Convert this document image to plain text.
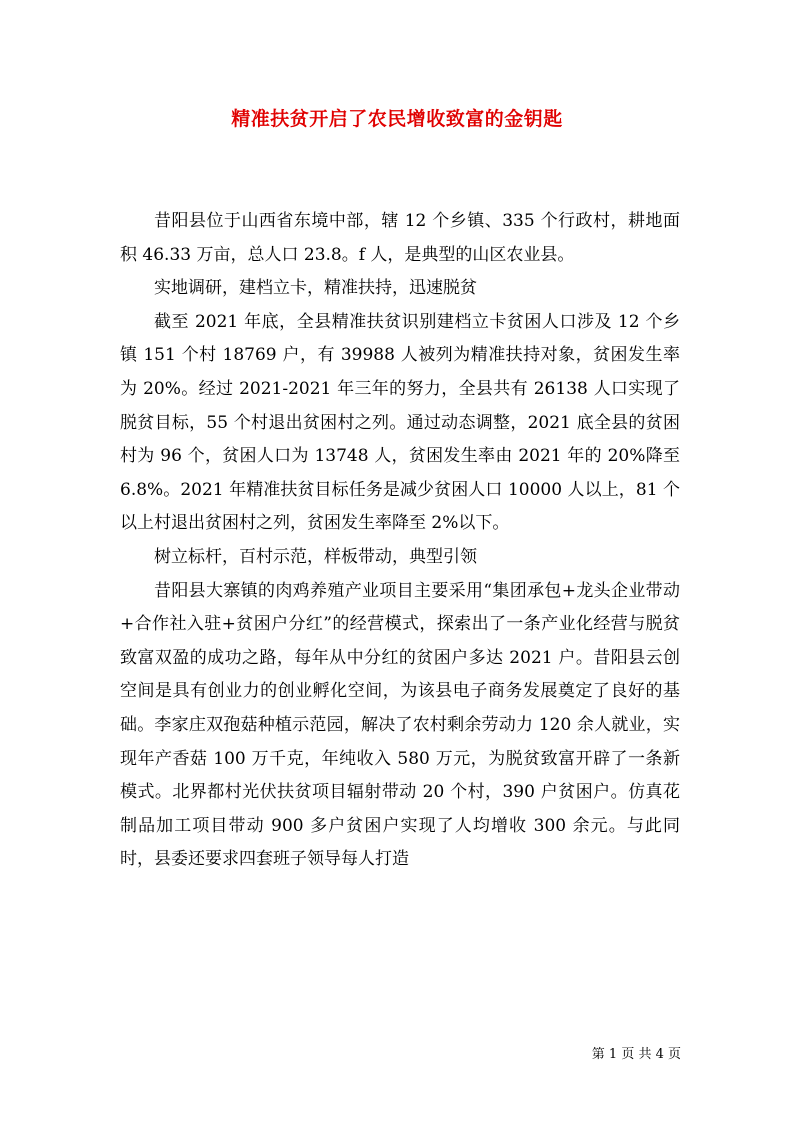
精准扶贫开启了农民增收致富的金钥匙

昔阳县位于山西省东境中部，辖 12 个乡镇、335 个行政村，耕地面积 46.33 万亩，总人口 23.8。f 人，是典型的山区农业县。

实地调研，建档立卡，精准扶持，迅速脱贫

截至 2021 年底，全县精准扶贫识别建档立卡贫困人口涉及 12 个乡镇 151 个村 18769 户，有 39988 人被列为精准扶持对象，贫困发生率为 20%。经过 2021-2021 年三年的努力，全县共有 26138 人口实现了脱贫目标，55 个村退出贫困村之列。通过动态调整，2021 底全县的贫困村为 96 个，贫困人口为 13748 人，贫困发生率由 2021 年的 20%降至 6.8%。2021 年精准扶贫目标任务是减少贫困人口 10000 人以上，81 个以上村退出贫困村之列，贫困发生率降至 2%以下。

树立标杆，百村示范，样板带动，典型引领

昔阳县大寨镇的肉鸡养殖产业项目主要采用“集团承包+龙头企业带动+合作社入驻+贫困户分红”的经营模式，探索出了一条产业化经营与脱贫致富双盈的成功之路，每年从中分红的贫困户多达 2021 户。昔阳县云创空间是具有创业力的创业孵化空间，为该县电子商务发展奠定了良好的基础。李家庄双孢菇种植示范园，解决了农村剩余劳动力 120 余人就业，实现年产香菇 100 万千克，年纯收入 580 万元，为脱贫致富开辟了一条新模式。北界都村光伏扶贫项目辐射带动 20 个村，390 户贫困户。仿真花制品加工项目带动 900 多户贫困户实现了人均增收 300 余元。与此同时，县委还要求四套班子领导每人打造

第 1 页 共 4 页
